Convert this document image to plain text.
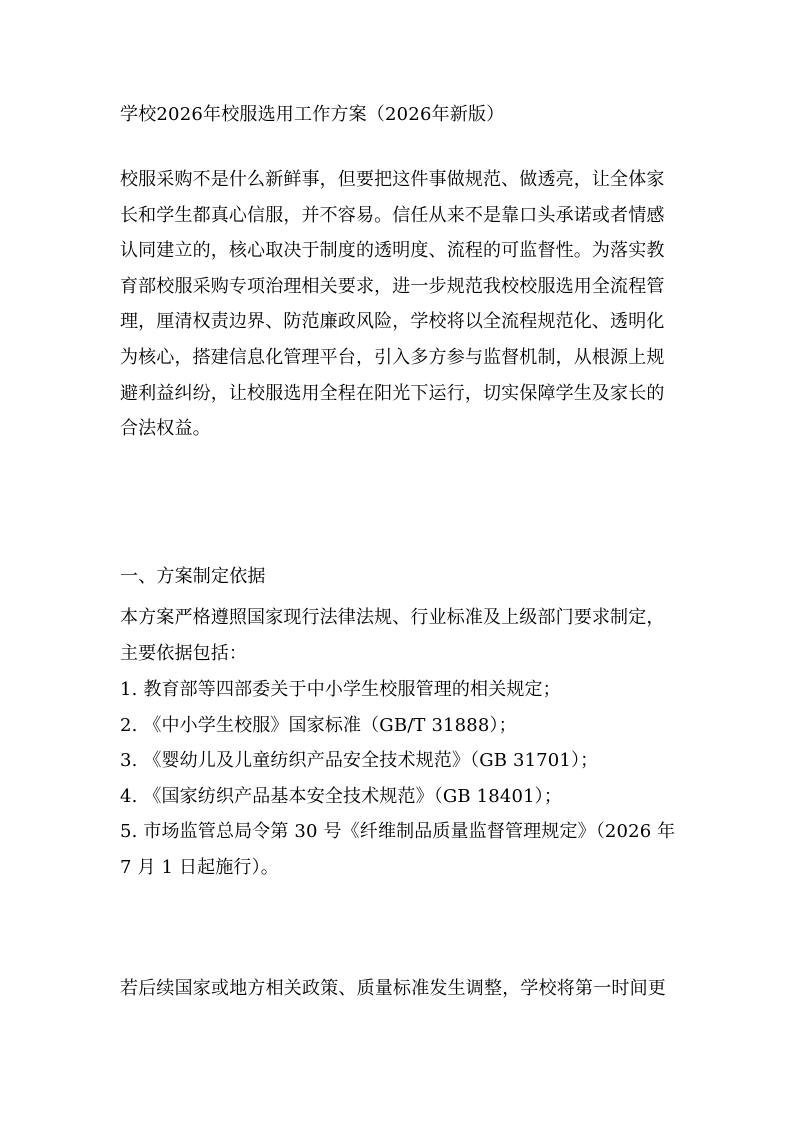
学校2026年校服选用工作方案（2026年新版）
校服采购不是什么新鲜事，但要把这件事做规范、做透亮，让全体家
长和学生都真心信服，并不容易。信任从来不是靠口头承诺或者情感
认同建立的，核心取决于制度的透明度、流程的可监督性。为落实教
育部校服采购专项治理相关要求，进一步规范我校校服选用全流程管
理，厘清权责边界、防范廉政风险，学校将以全流程规范化、透明化
为核心，搭建信息化管理平台，引入多方参与监督机制，从根源上规
避利益纠纷，让校服选用全程在阳光下运行，切实保障学生及家长的
合法权益。
一、方案制定依据
本方案严格遵照国家现行法律法规、行业标准及上级部门要求制定，
主要依据包括：
1. 教育部等四部委关于中小学生校服管理的相关规定；
2. 《中小学生校服》国家标准（GB/T 31888）；
3. 《婴幼儿及儿童纺织产品安全技术规范》（GB 31701）；
4. 《国家纺织产品基本安全技术规范》（GB 18401）；
5. 市场监管总局令第 30 号《纤维制品质量监督管理规定》（2026 年
7 月 1 日起施行）。
若后续国家或地方相关政策、质量标准发生调整，学校将第一时间更
